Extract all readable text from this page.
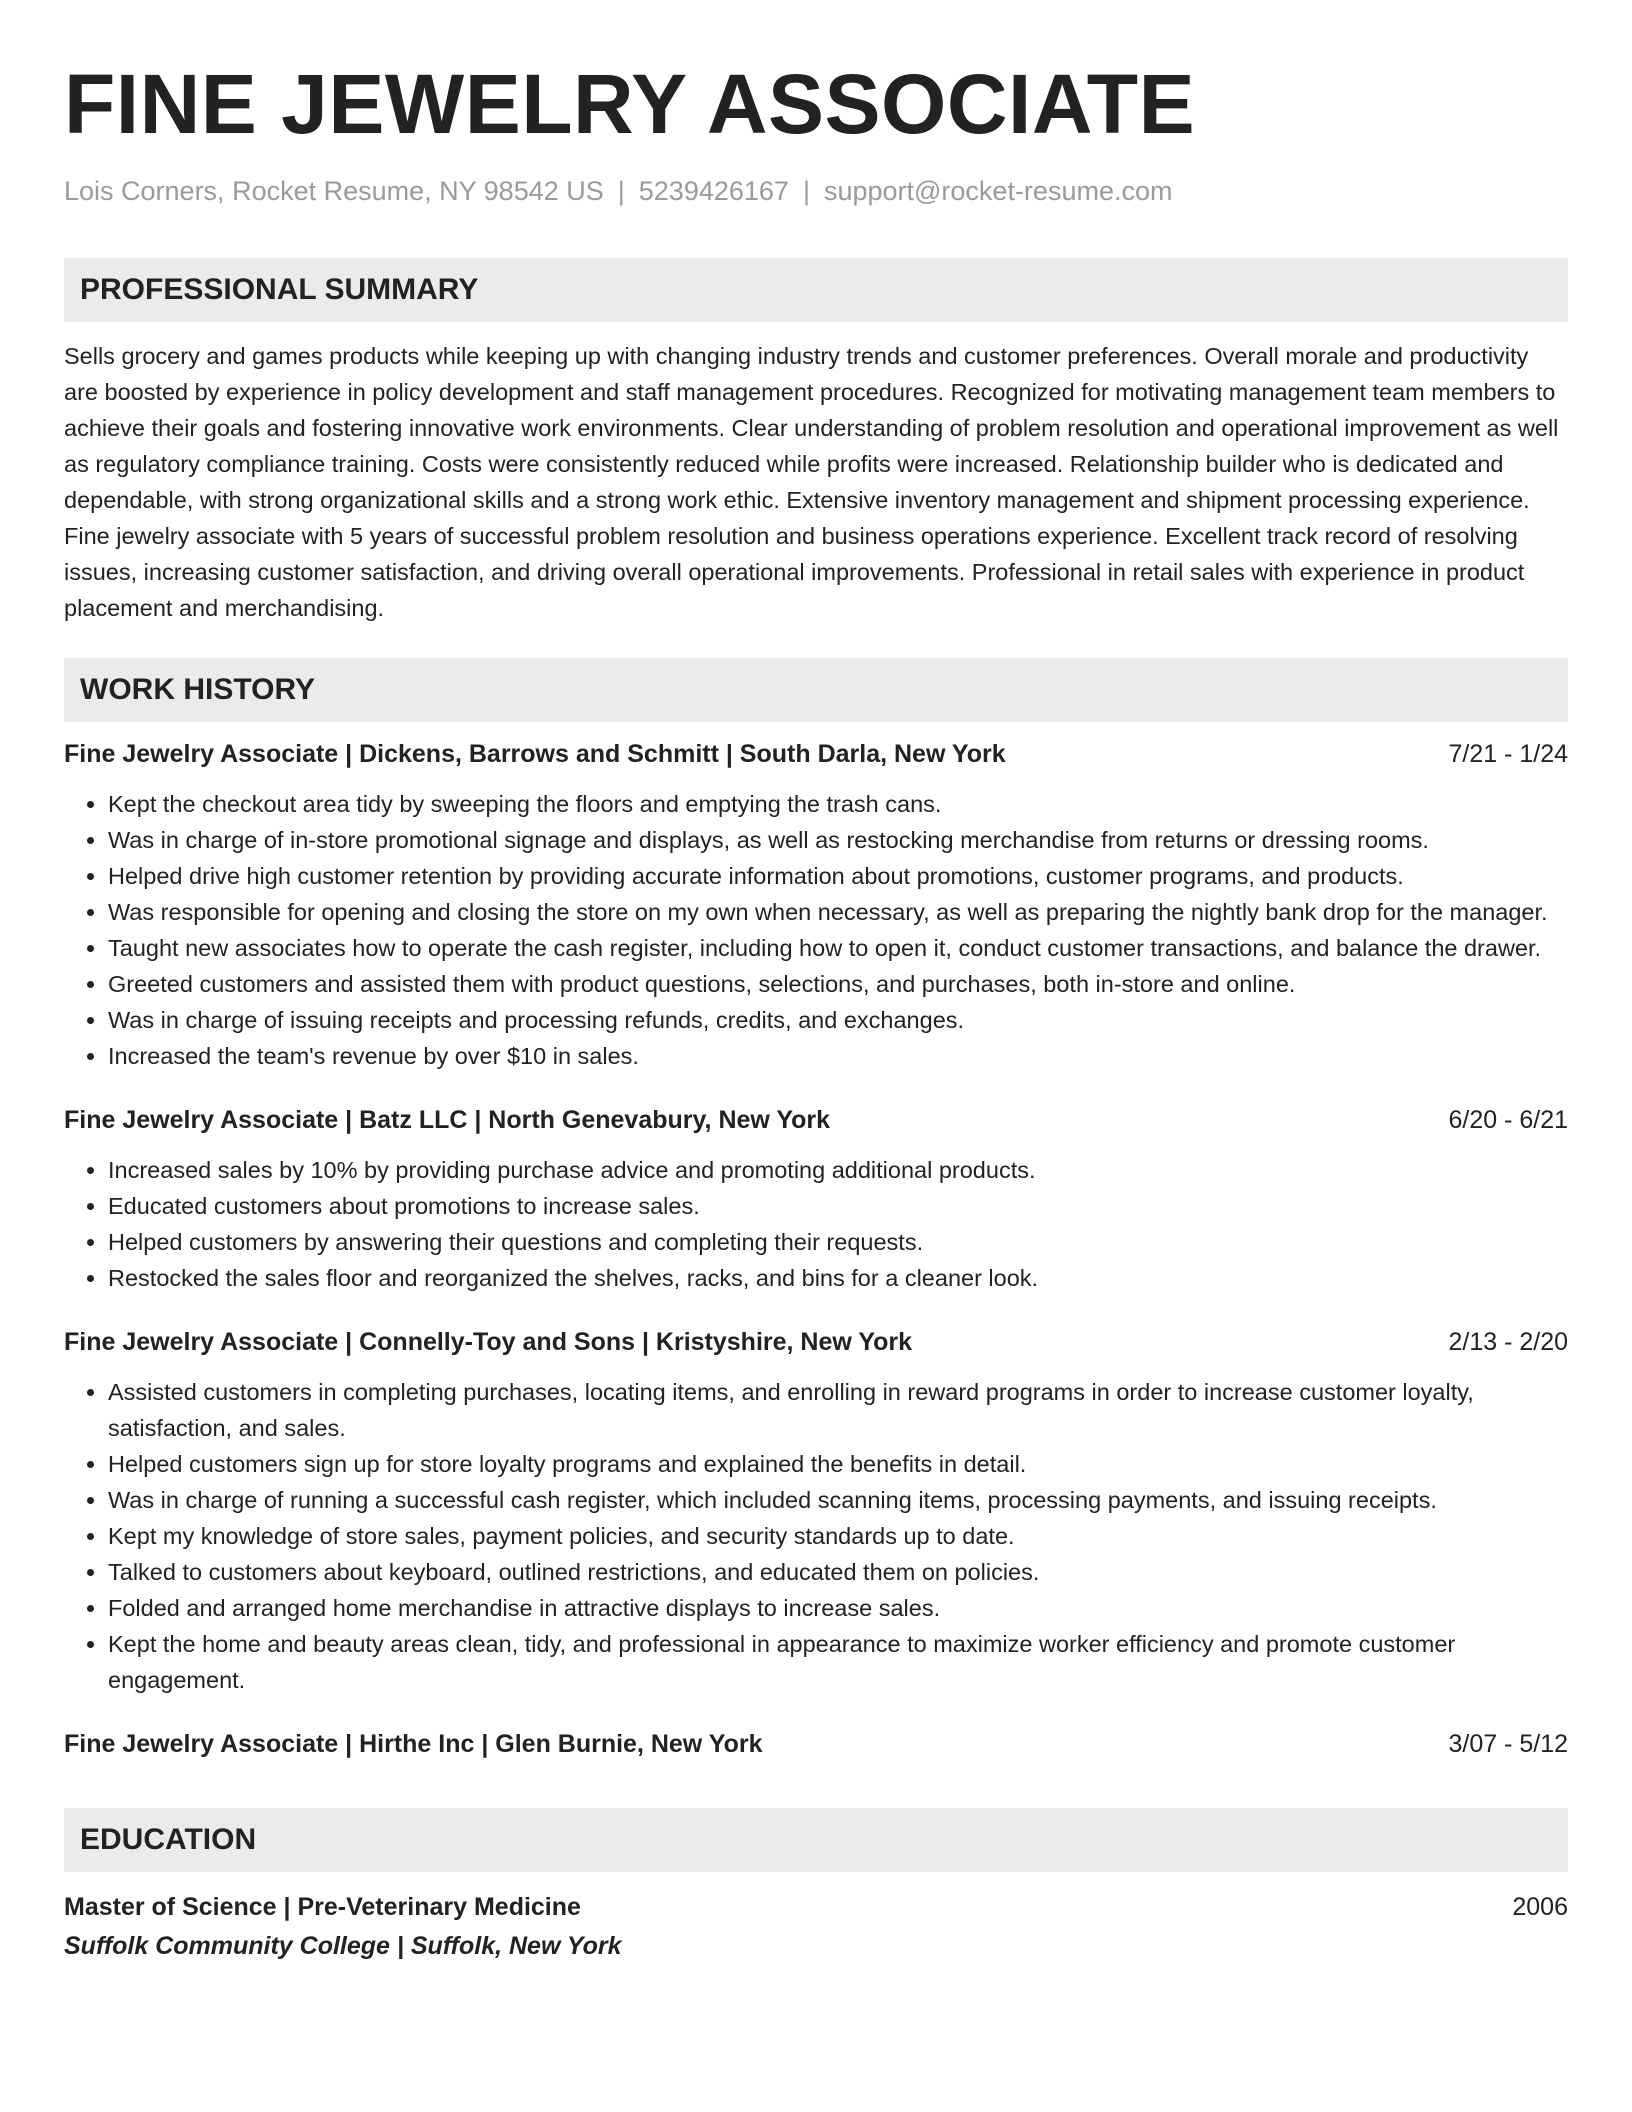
FINE JEWELRY ASSOCIATE
Lois Corners, Rocket Resume, NY 98542 US | 5239426167 | support@rocket-resume.com
PROFESSIONAL SUMMARY
Sells grocery and games products while keeping up with changing industry trends and customer preferences. Overall morale and productivity are boosted by experience in policy development and staff management procedures. Recognized for motivating management team members to achieve their goals and fostering innovative work environments. Clear understanding of problem resolution and operational improvement as well as regulatory compliance training. Costs were consistently reduced while profits were increased. Relationship builder who is dedicated and dependable, with strong organizational skills and a strong work ethic. Extensive inventory management and shipment processing experience. Fine jewelry associate with 5 years of successful problem resolution and business operations experience. Excellent track record of resolving issues, increasing customer satisfaction, and driving overall operational improvements. Professional in retail sales with experience in product placement and merchandising.
WORK HISTORY
Fine Jewelry Associate | Dickens, Barrows and Schmitt | South Darla, New York	7/21 - 1/24
• Kept the checkout area tidy by sweeping the floors and emptying the trash cans.
• Was in charge of in-store promotional signage and displays, as well as restocking merchandise from returns or dressing rooms.
• Helped drive high customer retention by providing accurate information about promotions, customer programs, and products.
• Was responsible for opening and closing the store on my own when necessary, as well as preparing the nightly bank drop for the manager.
• Taught new associates how to operate the cash register, including how to open it, conduct customer transactions, and balance the drawer.
• Greeted customers and assisted them with product questions, selections, and purchases, both in-store and online.
• Was in charge of issuing receipts and processing refunds, credits, and exchanges.
• Increased the team's revenue by over $10 in sales.
Fine Jewelry Associate | Batz LLC | North Genevabury, New York	6/20 - 6/21
• Increased sales by 10% by providing purchase advice and promoting additional products.
• Educated customers about promotions to increase sales.
• Helped customers by answering their questions and completing their requests.
• Restocked the sales floor and reorganized the shelves, racks, and bins for a cleaner look.
Fine Jewelry Associate | Connelly-Toy and Sons | Kristyshire, New York	2/13 - 2/20
• Assisted customers in completing purchases, locating items, and enrolling in reward programs in order to increase customer loyalty, satisfaction, and sales.
• Helped customers sign up for store loyalty programs and explained the benefits in detail.
• Was in charge of running a successful cash register, which included scanning items, processing payments, and issuing receipts.
• Kept my knowledge of store sales, payment policies, and security standards up to date.
• Talked to customers about keyboard, outlined restrictions, and educated them on policies.
• Folded and arranged home merchandise in attractive displays to increase sales.
• Kept the home and beauty areas clean, tidy, and professional in appearance to maximize worker efficiency and promote customer engagement.
Fine Jewelry Associate | Hirthe Inc | Glen Burnie, New York	3/07 - 5/12
EDUCATION
Master of Science | Pre-Veterinary Medicine	2006
Suffolk Community College | Suffolk, New York
